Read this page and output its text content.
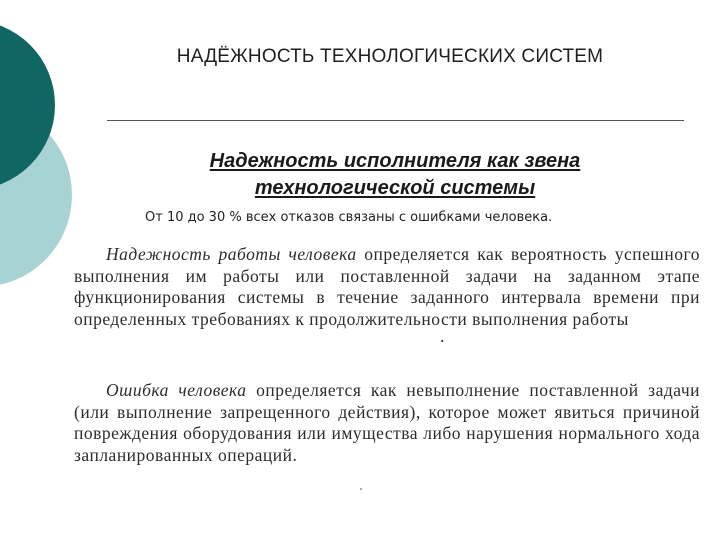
НАДЁЖНОСТЬ ТЕХНОЛОГИЧЕСКИХ СИСТЕМ
Надежность исполнителя как звена
технологической системы
От 10 до 30 % всех отказов связаны с ошибками человека.
Надежность работы человека определяется как вероятность успешного выполнения им работы или поставленной задачи на заданном этапе функционирования системы в течение заданного интервала времени при определенных требованиях к продолжительности выполнения работы
.
Ошибка человека определяется как невыполнение поставленной задачи (или выполнение запрещенного действия), которое может явиться причиной повреждения оборудования или имущества либо нарушения нормального хода запланированных операций.
